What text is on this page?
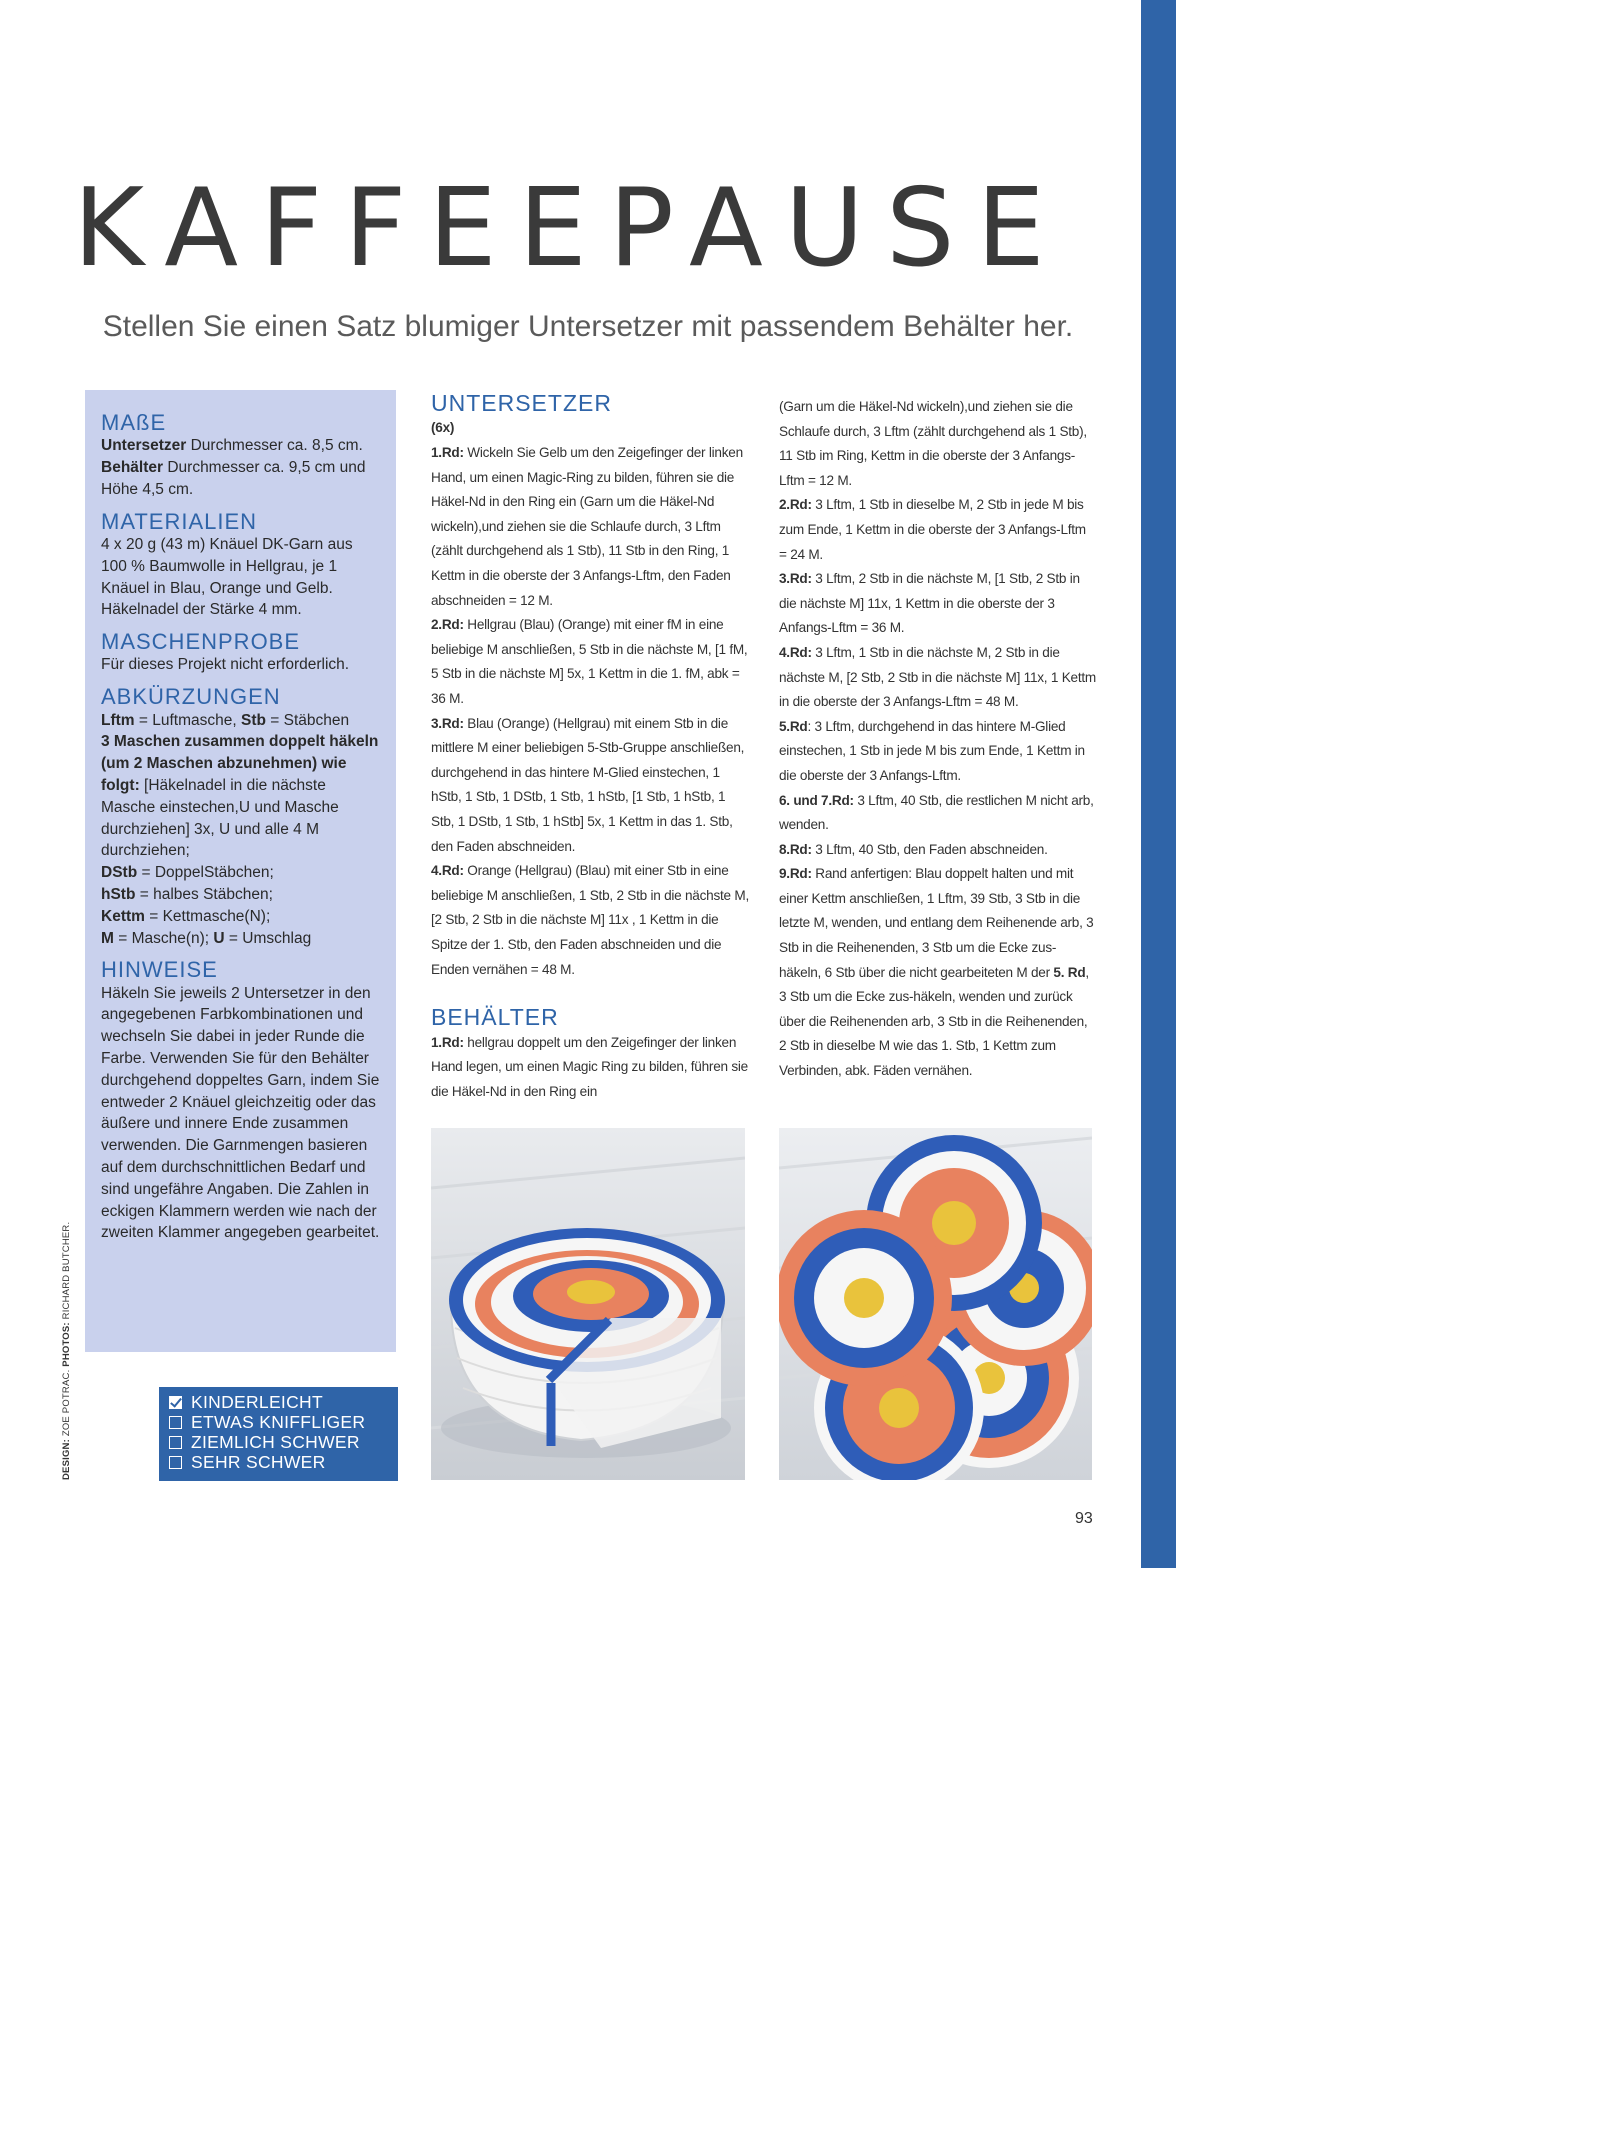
KAFFEEPAUSE
Stellen Sie einen Satz blumiger Untersetzer mit passendem Behälter her.
MAßE

Untersetzer Durchmesser ca. 8,5 cm.
Behälter Durchmesser ca. 9,5 cm und Höhe 4,5 cm.

MATERIALIEN

4 x 20 g (43 m) Knäuel DK-Garn aus 100 % Baumwolle in Hellgrau, je 1 Knäuel in Blau, Orange und Gelb. Häkelnadel der Stärke 4 mm.

MASCHENPROBE

Für dieses Projekt nicht erforderlich.

ABKÜRZUNGEN

Lftm = Luftmasche, Stb = Stäbchen
3 Maschen zusammen doppelt häkeln (um 2 Maschen abzunehmen) wie folgt: [Häkelnadel in die nächste Masche einstechen,U und Masche durchziehen] 3x, U und alle 4 M durchziehen;
DStb = DoppelStäbchen;
hStb = halbes Stäbchen;
Kettm = Kettmasche(N);
M = Masche(n); U = Umschlag

HINWEISE

Häkeln Sie jeweils 2 Untersetzer in den angegebenen Farbkombinationen und wechseln Sie dabei in jeder Runde die Farbe. Verwenden Sie für den Behälter durchgehend doppeltes Garn, indem Sie entweder 2 Knäuel gleichzeitig oder das äußere und innere Ende zusammen verwenden. Die Garnmengen basieren auf dem durchschnittlichen Bedarf und sind ungefähre Angaben. Die Zahlen in eckigen Klammern werden wie nach der zweiten Klammer angegeben gearbeitet.

UNTERSETZER

(6x)
1.Rd: Wickeln Sie Gelb um den Zeigefinger der linken Hand, um einen Magic-Ring zu bilden, führen sie die Häkel-Nd in den Ring ein (Garn um die Häkel-Nd wickeln),und ziehen sie die Schlaufe durch, 3 Lftm (zählt durchgehend als 1 Stb), 11 Stb in den Ring, 1 Kettm in die oberste der 3 Anfangs-Lftm, den Faden abschneiden = 12 M.
2.Rd: Hellgrau (Blau) (Orange) mit einer fM in eine beliebige M anschließen, 5 Stb in die nächste M, [1 fM, 5 Stb in die nächste M] 5x, 1 Kettm in die 1. fM, abk = 36 M.
3.Rd: Blau (Orange) (Hellgrau) mit einem Stb in die mittlere M einer beliebigen 5-Stb-Gruppe anschließen, durchgehend in das hintere M-Glied einstechen, 1 hStb, 1 Stb, 1 DStb, 1 Stb, 1 hStb, [1 Stb, 1 hStb, 1 Stb, 1 DStb, 1 Stb, 1 hStb] 5x, 1 Kettm in das 1. Stb, den Faden abschneiden.
4.Rd: Orange (Hellgrau) (Blau) mit einer Stb in eine beliebige M anschließen, 1 Stb, 2 Stb in die nächste M, [2 Stb, 2 Stb in die nächste M] 11x , 1 Kettm in die Spitze der 1. Stb, den Faden abschneiden und die Enden vernähen = 48 M.

BEHÄLTER

1.Rd: hellgrau doppelt um den Zeigefinger der linken Hand legen, um einen Magic Ring zu bilden, führen sie die Häkel-Nd in den Ring ein

(Garn um die Häkel-Nd wickeln),und ziehen sie die Schlaufe durch, 3 Lftm (zählt durchgehend als 1 Stb), 11 Stb im Ring, Kettm in die oberste der 3 Anfangs-Lftm = 12 M.
2.Rd: 3 Lftm, 1 Stb in dieselbe M, 2 Stb in jede M bis zum Ende, 1 Kettm in die oberste der 3 Anfangs-Lftm = 24 M.
3.Rd: 3 Lftm, 2 Stb in die nächste M, [1 Stb, 2 Stb in die nächste M] 11x, 1 Kettm in die oberste der 3 Anfangs-Lftm = 36 M.
4.Rd: 3 Lftm, 1 Stb in die nächste M, 2 Stb in die nächste M, [2 Stb, 2 Stb in die nächste M] 11x, 1 Kettm in die oberste der 3 Anfangs-Lftm = 48 M.
5.Rd: 3 Lftm, durchgehend in das hintere M-Glied einstechen, 1 Stb in jede M bis zum Ende, 1 Kettm in die oberste der 3 Anfangs-Lftm.
6. und 7.Rd: 3 Lftm, 40 Stb, die restlichen M nicht arb, wenden.
8.Rd: 3 Lftm, 40 Stb, den Faden abschneiden.
9.Rd: Rand anfertigen: Blau doppelt halten und mit einer Kettm anschließen, 1 Lftm, 39 Stb, 3 Stb in die letzte M, wenden, und entlang dem Reihenende arb, 3 Stb in die Reihenenden, 3 Stb um die Ecke zus-häkeln, 6 Stb über die nicht gearbeiteten M der 5. Rd, 3 Stb um die Ecke zus-häkeln, wenden und zurück über die Reihenenden arb, 3 Stb in die Reihenenden, 2 Stb in dieselbe M wie das 1. Stb, 1 Kettm zum Verbinden, abk. Fäden vernähen.

KINDERLEICHT
ETWAS KNIFFLIGER
ZIEMLICH SCHWER
SEHR SCHWER
DESIGN: ZOE POTRAC. PHOTOS: RICHARD BUTCHER.
93
